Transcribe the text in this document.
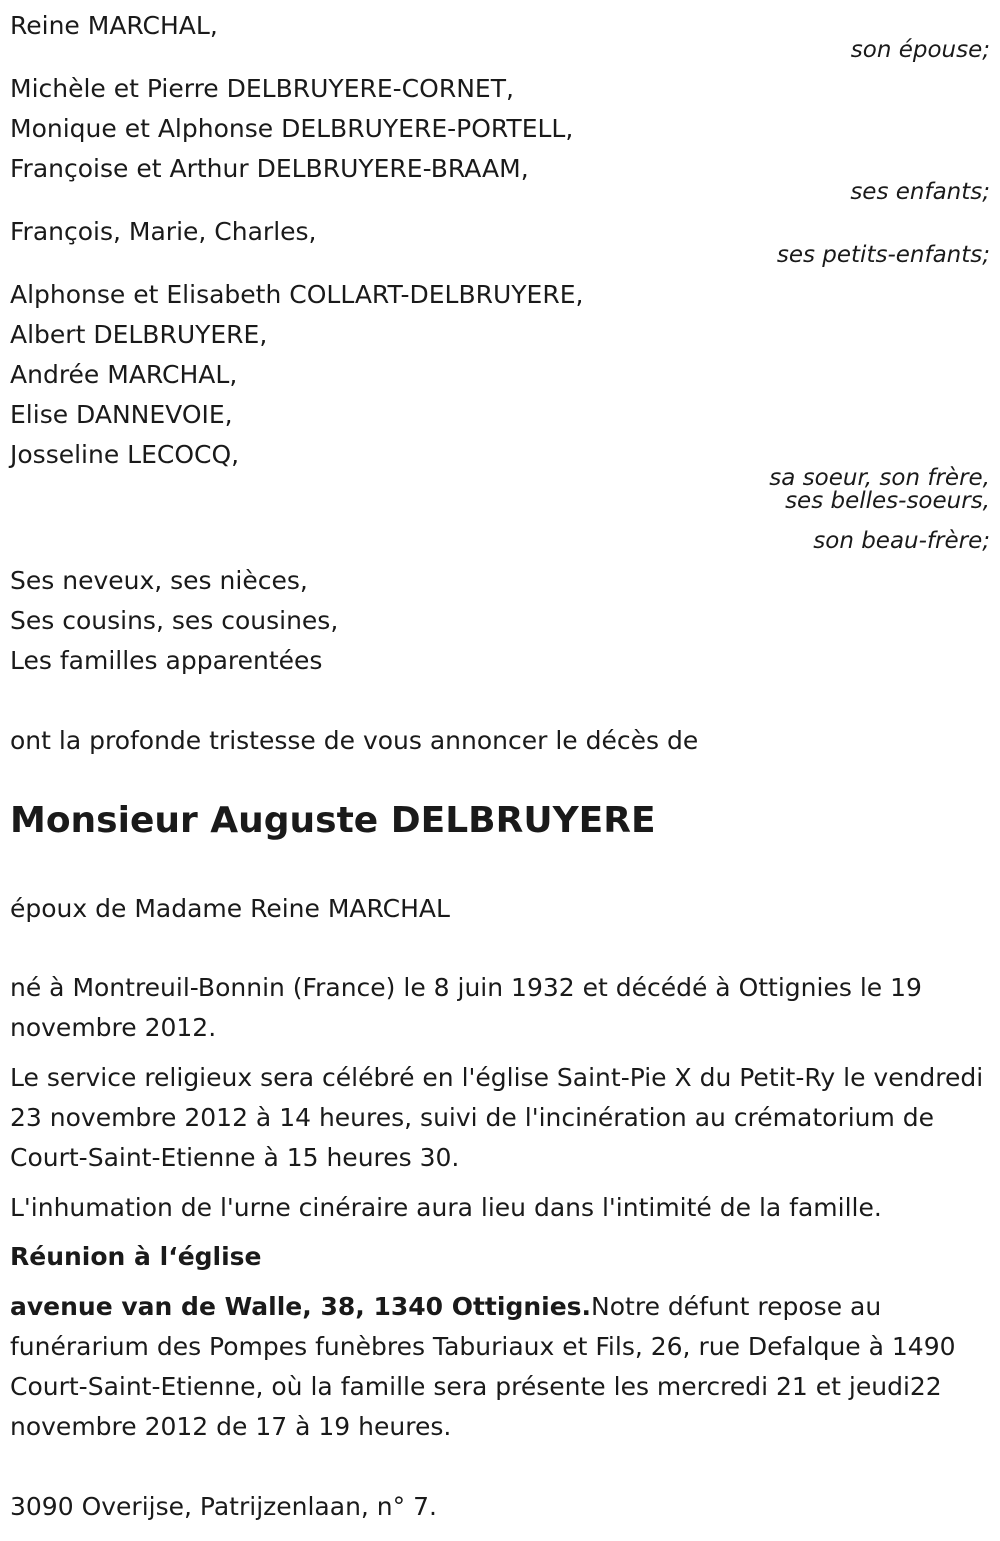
Reine MARCHAL,
son épouse;
Michèle et Pierre DELBRUYERE-CORNET,
Monique et Alphonse DELBRUYERE-PORTELL,
Françoise et Arthur DELBRUYERE-BRAAM,
ses enfants;
François, Marie, Charles,
ses petits-enfants;
Alphonse et Elisabeth COLLART-DELBRUYERE,
Albert DELBRUYERE,
Andrée MARCHAL,
Elise DANNEVOIE,
Josseline LECOCQ,
sa soeur, son frère,
ses belles-soeurs,
son beau-frère;
Ses neveux, ses nièces,
Ses cousins, ses cousines,
Les familles apparentées
ont la profonde tristesse de vous annoncer le décès de
Monsieur Auguste DELBRUYERE
époux de Madame Reine MARCHAL
né à Montreuil-Bonnin (France) le 8 juin 1932 et décédé à Ottignies le 19 novembre 2012.
Le service religieux sera célébré en l'église Saint-Pie X du Petit-Ry le vendredi 23 novembre 2012 à 14 heures, suivi de l'incinération au crématorium de Court-Saint-Etienne à 15 heures 30.
L'inhumation de l'urne cinéraire aura lieu dans l'intimité de la famille.
Réunion à l‘église
avenue van de Walle, 38, 1340 Ottignies.Notre défunt repose au funérarium des Pompes funèbres Taburiaux et Fils, 26, rue Defalque à 1490 Court-Saint-Etienne, où la famille sera présente les mercredi 21 et jeudi22 novembre 2012 de 17 à 19 heures.
3090 Overijse, Patrijzenlaan, n° 7.
